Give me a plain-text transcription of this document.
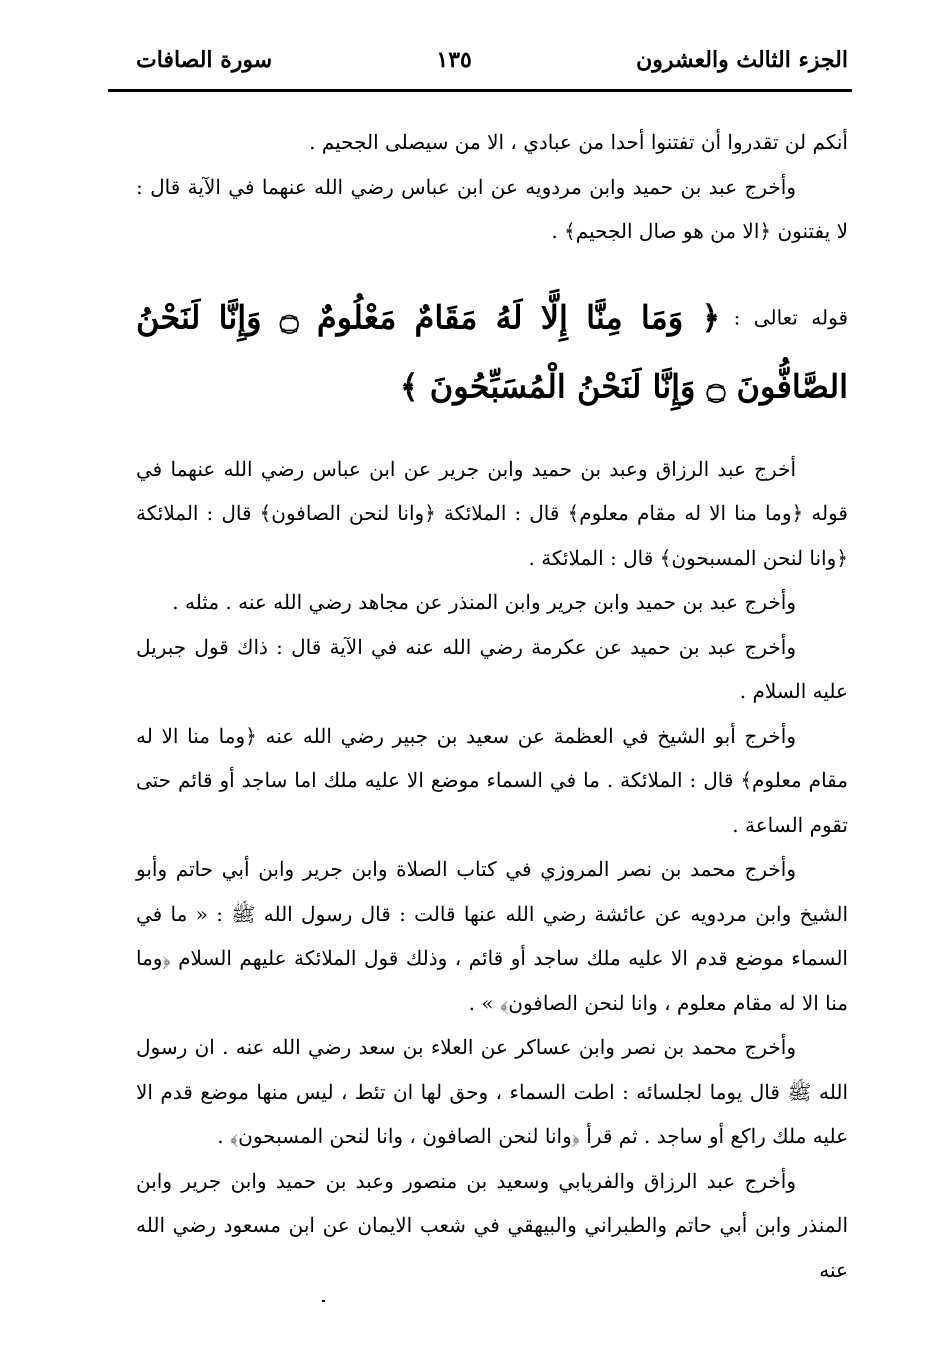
الجزء الثالث والعشرون
١٣٥
سورة الصافات

أنكم لن تقدروا أن تفتنوا أحدا من عبادي ، الا من سيصلى الجحيم .

وأخرج عبد بن حميد وابن مردويه عن ابن عباس رضي الله عنهما في الآية قال : لا يفتنون ﴿الا من هو صال الجحيم﴾ .

قوله تعالى : ﴿ وَمَا مِنَّا إِلَّا لَهُ مَقَامٌ مَعْلُومٌ ۝ وَإِنَّا لَنَحْنُ الصَّافُّونَ ۝ وَإِنَّا لَنَحْنُ الْمُسَبِّحُونَ ﴾

أخرج عبد الرزاق وعبد بن حميد وابن جرير عن ابن عباس رضي الله عنهما في قوله ﴿وما منا الا له مقام معلوم﴾ قال : الملائكة ﴿وانا لنحن الصافون﴾ قال : الملائكة ﴿وانا لنحن المسبحون﴾ قال : الملائكة .

وأخرج عبد بن حميد وابن جرير وابن المنذر عن مجاهد رضي الله عنه . مثله .

وأخرج عبد بن حميد عن عكرمة رضي الله عنه في الآية قال : ذاك قول جبريل عليه السلام .

وأخرج أبو الشيخ في العظمة عن سعيد بن جبير رضي الله عنه ﴿وما منا الا له مقام معلوم﴾ قال : الملائكة . ما في السماء موضع الا عليه ملك اما ساجد أو قائم حتى تقوم الساعة .

وأخرج محمد بن نصر المروزي في كتاب الصلاة وابن جرير وابن أبي حاتم وأبو الشيخ وابن مردويه عن عائشة رضي الله عنها قالت : قال رسول الله ﷺ : « ما في السماء موضع قدم الا عليه ملك ساجد أو قائم ، وذلك قول الملائكة عليهم السلام ﴿وما منا الا له مقام معلوم ، وانا لنحن الصافون﴾ » .

وأخرج محمد بن نصر وابن عساكر عن العلاء بن سعد رضي الله عنه . ان رسول الله ﷺ قال يوما لجلسائه : اطت السماء ، وحق لها ان تئط ، ليس منها موضع قدم الا عليه ملك راكع أو ساجد . ثم قرأ ﴿وانا لنحن الصافون ، وانا لنحن المسبحون﴾ .

وأخرج عبد الرزاق والفريابي وسعيد بن منصور وعبد بن حميد وابن جرير وابن المنذر وابن أبي حاتم والطبراني والبيهقي في شعب الايمان عن ابن مسعود رضي الله عنه
